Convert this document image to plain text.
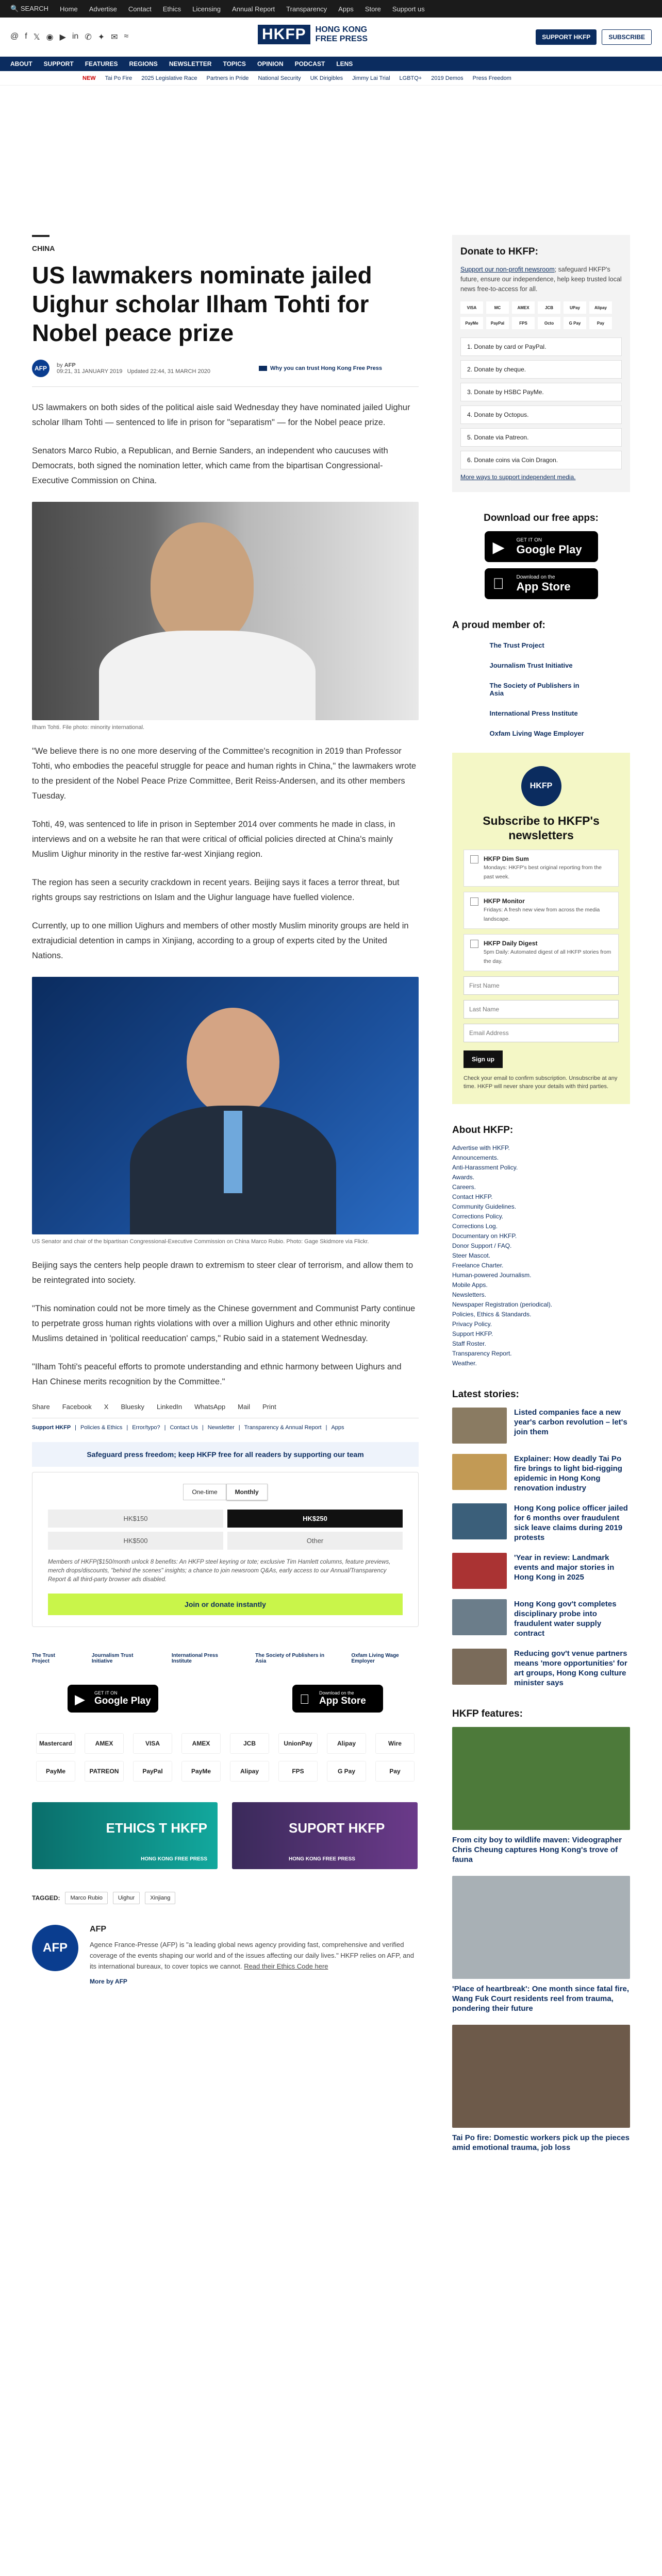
🔍 SEARCH Home Advertise Contact Ethics Licensing Annual Report Transparency Apps Store Support us
@ f 𝕏 ◉ ▶ in ✆ ✦ ✉ ≈	HKFP	HONG KONG
FREE PRESS	SUPPORT HKFP	SUBSCRIBE
ABOUT SUPPORT FEATURES REGIONS NEWSLETTER TOPICS OPINION PODCAST LENS
NEW Tai Po Fire 2025 Legislative Race Partners in Pride National Security UK Dirigibles Jimmy Lai Trial LGBTQ+ 2019 Demos Press Freedom
CHINA
US lawmakers nominate jailed Uighur scholar Ilham Tohti for Nobel peace prize
AFP	by AFP
09:21, 31 JANUARY 2019 Updated 22:44, 31 MARCH 2020	Why you can trust Hong Kong Free Press

US lawmakers on both sides of the political aisle said Wednesday they have nominated jailed Uighur scholar Ilham Tohti — sentenced to life in prison for "separatism" — for the Nobel peace prize.

Senators Marco Rubio, a Republican, and Bernie Sanders, an independent who caucuses with Democrats, both signed the nomination letter, which came from the bipartisan Congressional-Executive Commission on China.

Ilham Tohti. File photo: minority international.

"We believe there is no one more deserving of the Committee's recognition in 2019 than Professor Tohti, who embodies the peaceful struggle for peace and human rights in China," the lawmakers wrote to the president of the Nobel Peace Prize Committee, Berit Reiss-Andersen, and its other members Tuesday.

Tohti, 49, was sentenced to life in prison in September 2014 over comments he made in class, in interviews and on a website he ran that were critical of official policies directed at China's mainly Muslim Uighur minority in the restive far-west Xinjiang region.

The region has seen a security crackdown in recent years. Beijing says it faces a terror threat, but rights groups say restrictions on Islam and the Uighur language have fuelled violence.

Currently, up to one million Uighurs and members of other mostly Muslim minority groups are held in extrajudicial detention in camps in Xinjiang, according to a group of experts cited by the United Nations.

US Senator and chair of the bipartisan Congressional-Executive Commission on China Marco Rubio. Photo: Gage Skidmore via Flickr.

Beijing says the centers help people drawn to extremism to steer clear of terrorism, and allow them to be reintegrated into society.

"This nomination could not be more timely as the Chinese government and Communist Party continue to perpetrate gross human rights violations with over a million Uighurs and other ethnic minority Muslims detained in 'political reeducation' camps," Rubio said in a statement Wednesday.

"Ilham Tohti's peaceful efforts to promote understanding and ethnic harmony between Uighurs and Han Chinese merits recognition by the Committee."

Share Facebook X Bluesky LinkedIn WhatsApp Mail Print
Support HKFP | Policies & Ethics | Error/typo? | Contact Us | Newsletter | Transparency & Annual Report | Apps
Safeguard press freedom; keep HKFP free for all readers by supporting our team
One-time	Monthly
HK$150	HK$250
HK$500	Other
Members of HKFP($150/month unlock 8 benefits: An HKFP steel keyring or tote; exclusive Tim Hamlett columns, feature previews, merch drops/discounts, "behind the scenes" insights; a chance to join newsroom Q&As, early access to our Annual/Transparency Report & all third-party browser ads disabled.
Join or donate instantly
The Trust Project
Journalism Trust Initiative
International Press Institute
The Society of Publishers in Asia
Oxfam Living Wage Employer
▶ GET IT ON
Google Play
Download on the
App Store
Mastercard	AMEX	VISA	AMEX	JCB	UnionPay	Alipay	Wire
PayMe	PATREON	PayPal	PayMe	Alipay	FPS	G Pay	Pay
ETHICS T HKFP
HONG KONG FREE PRESS
SUPORT HKFP
HONG KONG FREE PRESS
TAGGED:	Marco Rubio	Uighur	Xinjiang
AFP
AFP
Agence France-Presse (AFP) is "a leading global news agency providing fast, comprehensive and verified coverage of the events shaping our world and of the issues affecting our daily lives." HKFP relies on AFP, and its international bureaux, to cover topics we cannot. Read their Ethics Code here
More by AFP
Donate to HKFP:
Support our non-profit newsroom; safeguard HKFP's future, ensure our independence, help keep trusted local news free-to-access for all.
VISA	MC	AMEX	JCB	UPay	Alipay
PayMe	PayPal	FPS	Octo	G Pay	Pay
1. Donate by card or PayPal.
2. Donate by cheque.
3. Donate by HSBC PayMe.
4. Donate by Octopus.
5. Donate via Patreon.
6. Donate coins via Coin Dragon.
More ways to support independent media.
Download our free apps:
▶ GET IT ON
Google Play
Download on the
App Store
A proud member of:
The Trust Project
Journalism Trust Initiative
The Society of Publishers in Asia
International Press Institute
Oxfam Living Wage Employer
HKFP
Subscribe to HKFP's newsletters
HKFP Dim Sum
Mondays: HKFP's best original reporting from the past week.
HKFP Monitor
Fridays: A fresh new view from across the media landscape.
HKFP Daily Digest
5pm Daily: Automated digest of all HKFP stories from the day.
First Name
Last Name
Email Address
Sign up
Check your email to confirm subscription. Unsubscribe at any time. HKFP will never share your details with third parties.
About HKFP:
Advertise with HKFP.
Announcements.
Anti-Harassment Policy.
Awards.
Careers.
Contact HKFP.
Community Guidelines.
Corrections Policy.
Corrections Log.
Documentary on HKFP.
Donor Support / FAQ.
Steer Mascot.
Freelance Charter.
Human-powered Journalism.
Mobile Apps.
Newsletters.
Newspaper Registration (periodical).
Policies, Ethics & Standards.
Privacy Policy.
Support HKFP.
Staff Roster.
Transparency Report.
Weather.
Latest stories:

Listed companies face a new year's carbon revolution – let's join them

Explainer: How deadly Tai Po fire brings to light bid-rigging epidemic in Hong Kong renovation industry

Hong Kong police officer jailed for 6 months over fraudulent sick leave claims during 2019 protests

'Year in review: Landmark events and major stories in Hong Kong in 2025

Hong Kong gov't completes disciplinary probe into fraudulent water supply contract

Reducing gov't venue partners means 'more opportunities' for art groups, Hong Kong culture minister says

HKFP features:

From city boy to wildlife maven: Videographer Chris Cheung captures Hong Kong's trove of fauna

'Place of heartbreak': One month since fatal fire, Wang Fuk Court residents reel from trauma, pondering their future

Tai Po fire: Domestic workers pick up the pieces amid emotional trauma, job loss
